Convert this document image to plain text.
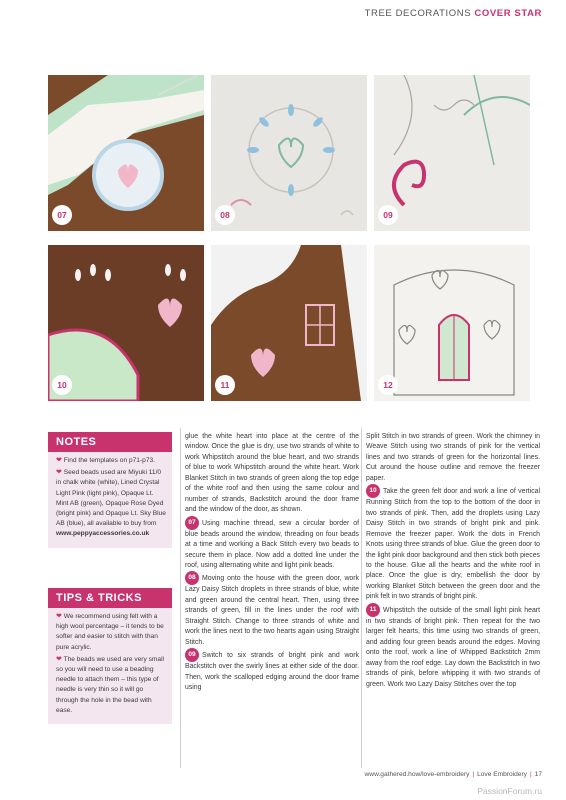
TREE DECORATIONS COVER STAR
07	08	09
10	11	12
NOTES

❤ Find the templates on p71-p73.

❤ Seed beads used are Miyuki 11/0 in chalk white (white), Lined Crystal Light Pink (light pink), Opaque Lt. Mint AB (green), Opaque Rose Dyed (bright pink) and Opaque Lt. Sky Blue AB (blue), all available to buy from www.peppyaccessories.co.uk

TIPS & TRICKS

❤ We recommend using felt with a high wool percentage – it tends to be softer and easier to stitch with than pure acrylic.

❤ The beads we used are very small so you will need to use a beading needle to attach them – this type of needle is very thin so it will go through the hole in the bead with ease.

glue the white heart into place at the centre of the window. Once the glue is dry, use two strands of white to work Whipstitch around the blue heart, and two strands of blue to work Whipstitch around the white heart. Work Blanket Stitch in two strands of green along the top edge of the white roof and then using the same colour and number of strands, Backstitch around the door frame and the window of the door, as shown.

07 Using machine thread, sew a circular border of blue beads around the window, threading on four beads at a time and working a Back Stitch every two beads to secure them in place. Now add a dotted line under the roof, using alternating white and light pink beads.

08 Moving onto the house with the green door, work Lazy Daisy Stitch droplets in three strands of blue, white and green around the central heart. Then, using three strands of green, fill in the lines under the roof with Straight Stitch. Change to three strands of white and work the lines next to the two hearts again using Straight Stitch.

09 Switch to six strands of bright pink and work Backstitch over the swirly lines at either side of the door. Then, work the scalloped edging around the door frame using

Split Stitch in two strands of green. Work the chimney in Weave Stitch using two strands of pink for the vertical lines and two strands of green for the horizontal lines. Cut around the house outline and remove the freezer paper.

10 Take the green felt door and work a line of vertical Running Stitch from the top to the bottom of the door in two strands of pink. Then, add the droplets using Lazy Daisy Stitch in two strands of bright pink and pink. Remove the freezer paper. Work the dots in French Knots using three strands of blue. Glue the green door to the light pink door background and then stick both pieces to the house. Glue all the hearts and the white roof in place. Once the glue is dry, embellish the door by working Blanket Stitch between the green door and the pink felt in two strands of bright pink.

11 Whipstitch the outside of the small light pink heart in two strands of bright pink. Then repeat for the two larger felt hearts, this time using two strands of green, and adding four green beads around the edges. Moving onto the roof, work a line of Whipped Backstitch 2mm away from the roof edge. Lay down the Backstitch in two strands of pink, before whipping it with two strands of green. Work two Lazy Daisy Stitches over the top

www.gathered.how/love-embroidery | Love Embroidery | 17
PassionForum.ru
